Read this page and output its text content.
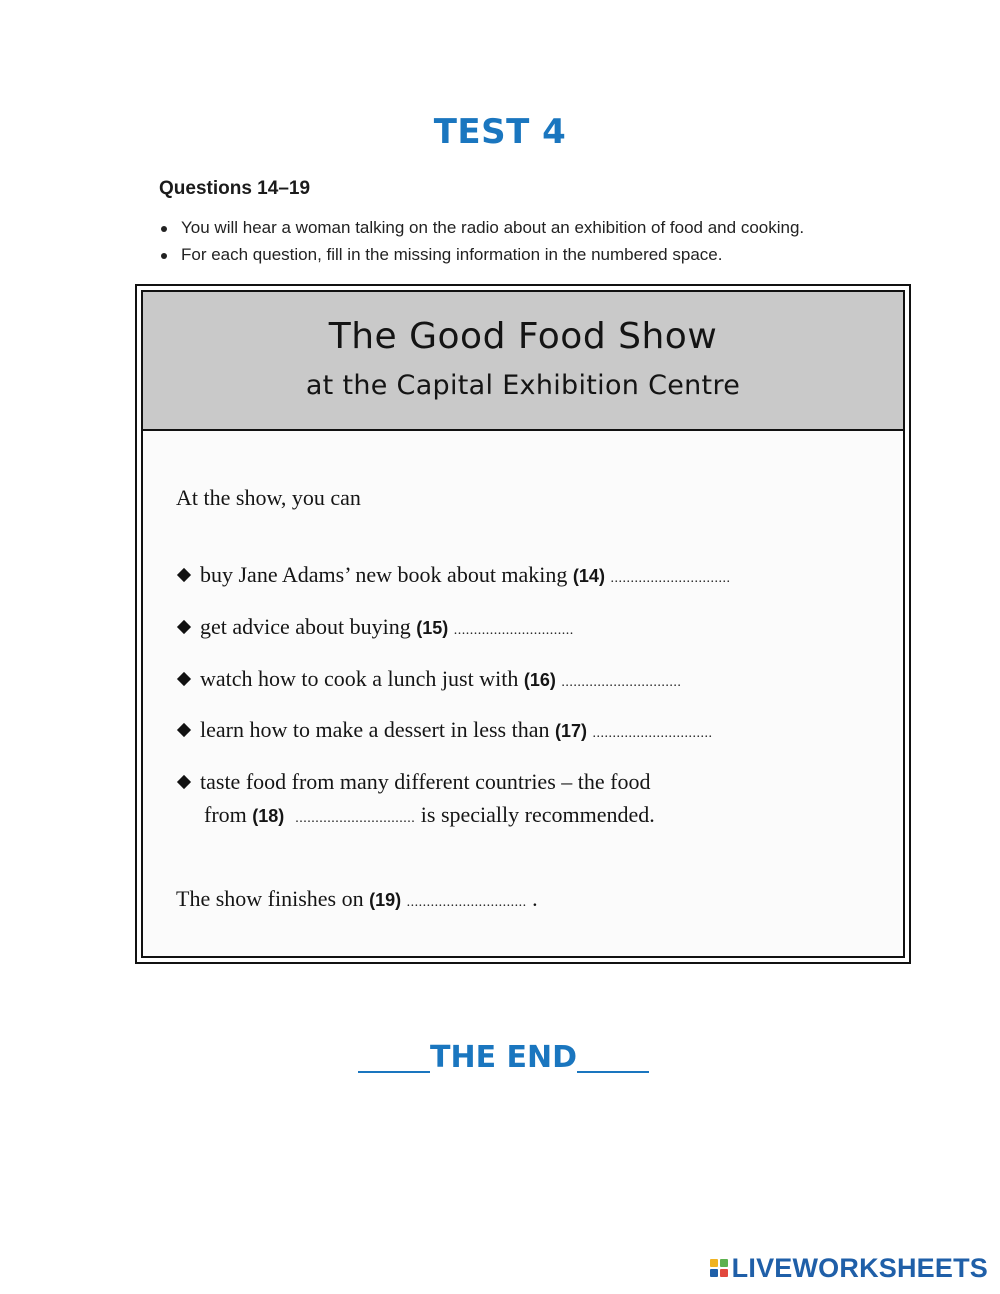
TEST 4
Questions 14–19
You will hear a woman talking on the radio about an exhibition of food and cooking.
For each question, fill in the missing information in the numbered space.
The Good Food Show
at the Capital Exhibition Centre
At the show, you can
buy Jane Adams’ new book about making (14) ..............................
get advice about buying (15) ..............................
watch how to cook a lunch just with (16) ..............................
learn how to make a dessert in less than (17) ..............................
taste food from many different countries – the food
from (18) .............................. is specially recommended.
The show finishes on (19) .............................. .
THE END
LIVEWORKSHEETS
